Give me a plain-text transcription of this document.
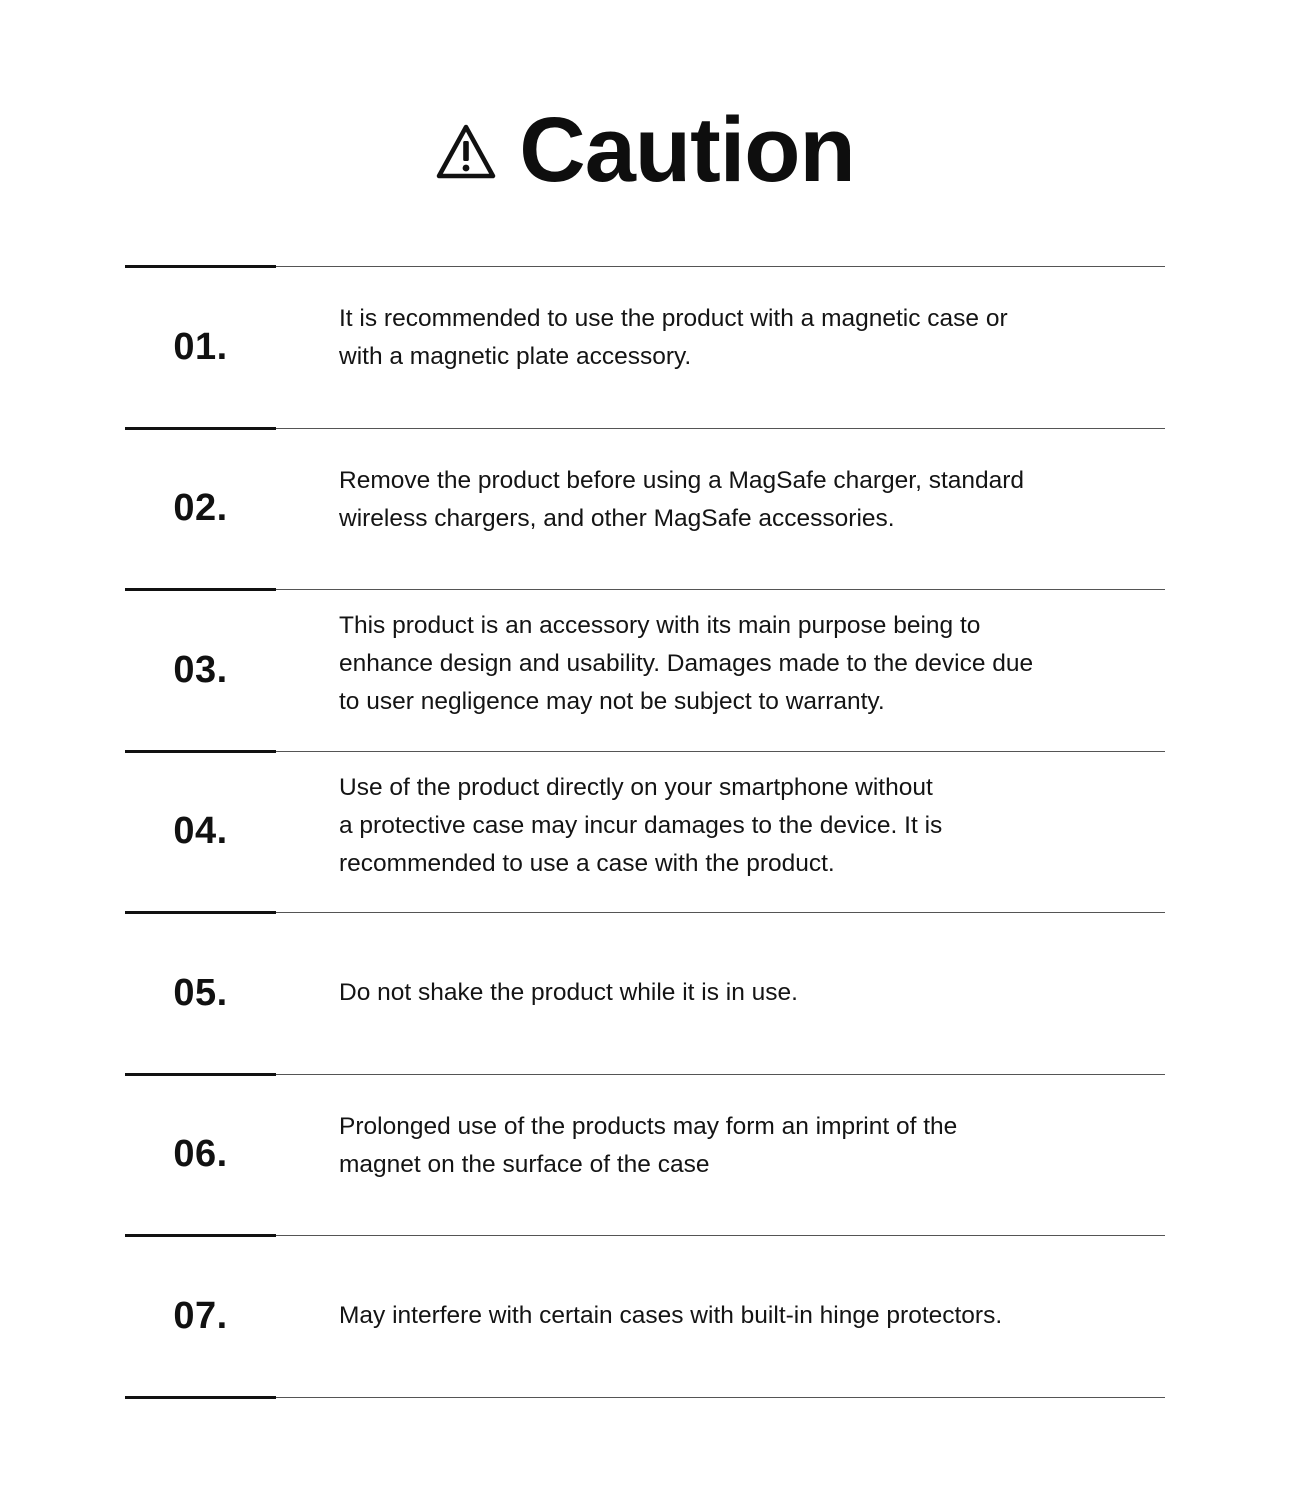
Caution
01.
It is recommended to use the product with a magnetic case or
with a magnetic plate accessory.
02.
Remove the product before using a MagSafe charger, standard
wireless chargers, and other MagSafe accessories.
03.
This product is an accessory with its main purpose being to
enhance design and usability. Damages made to the device due
to user negligence may not be subject to warranty.
04.
Use of the product directly on your smartphone without
a protective case may incur damages to the device. It is
recommended to use a case with the product.
05.	Do not shake the product while it is in use.
06.
Prolonged use of the products may form an imprint of the
magnet on the surface of the case
07.	May interfere with certain cases with built-in hinge protectors.
